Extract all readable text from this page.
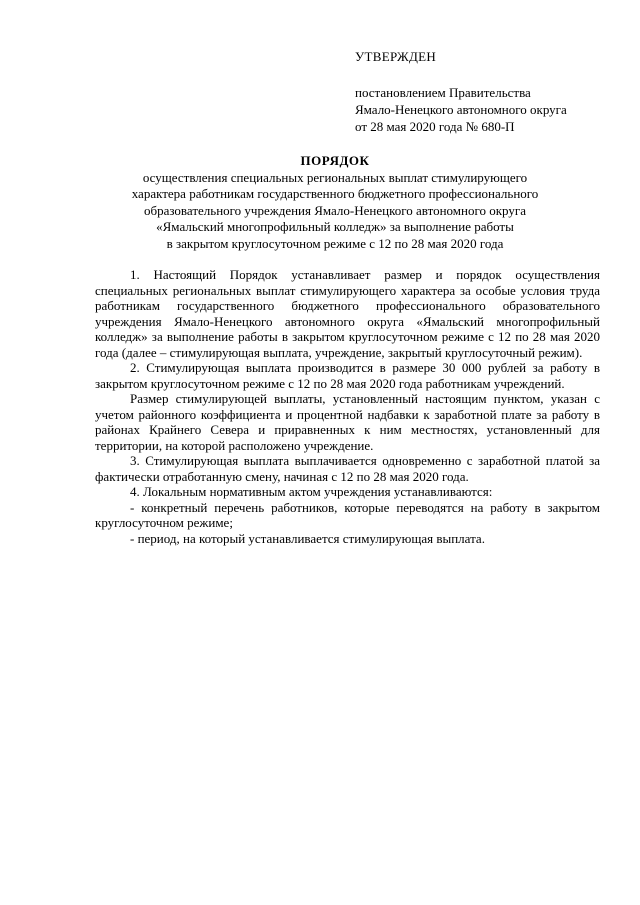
УТВЕРЖДЕН
постановлением Правительства
Ямало-Ненецкого автономного округа
от 28 мая 2020 года № 680-П
ПОРЯДОК
осуществления специальных региональных выплат стимулирующего
характера работникам государственного бюджетного профессионального
образовательного учреждения Ямало-Ненецкого автономного округа
«Ямальский многопрофильный колледж» за выполнение работы
в закрытом круглосуточном режиме с 12 по 28 мая 2020 года

1. Настоящий Порядок устанавливает размер и порядок осуществления специальных региональных выплат стимулирующего характера за особые условия труда работникам государственного бюджетного профессионального образовательного учреждения Ямало-Ненецкого автономного округа «Ямальский многопрофильный колледж» за выполнение работы в закрытом круглосуточном режиме с 12 по 28 мая 2020 года (далее – стимулирующая выплата, учреждение, закрытый круглосуточный режим).

2. Стимулирующая выплата производится в размере 30 000 рублей за работу в закрытом круглосуточном режиме с 12 по 28 мая 2020 года работникам учреждений.

Размер стимулирующей выплаты, установленный настоящим пунктом, указан с учетом районного коэффициента и процентной надбавки к заработной плате за работу в районах Крайнего Севера и приравненных к ним местностях, установленный для территории, на которой расположено учреждение.

3. Стимулирующая выплата выплачивается одновременно с заработной платой за фактически отработанную смену, начиная с 12 по 28 мая 2020 года.

4. Локальным нормативным актом учреждения устанавливаются:

- конкретный перечень работников, которые переводятся на работу в закрытом круглосуточном режиме;

- период, на который устанавливается стимулирующая выплата.
